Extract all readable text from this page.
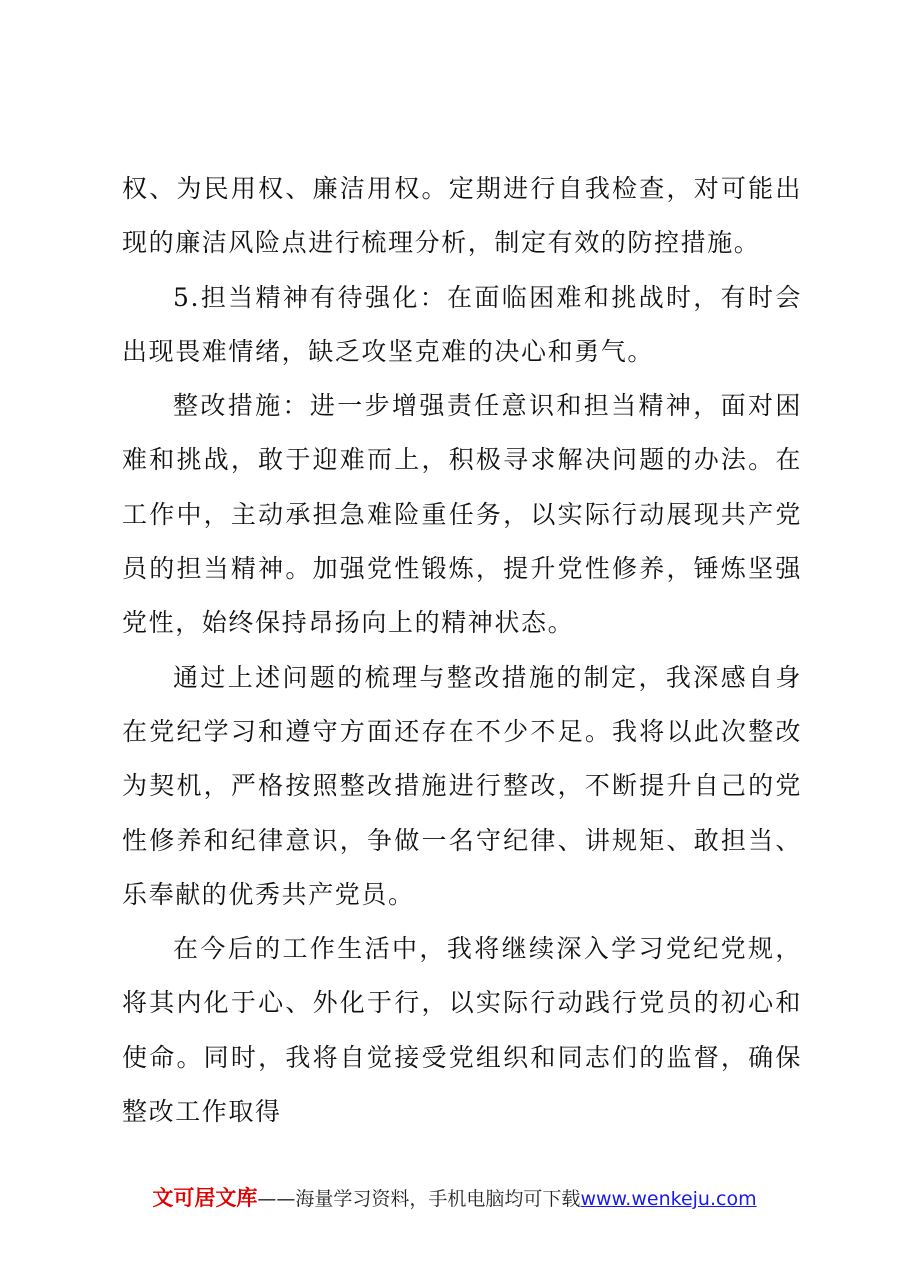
权、为民用权、廉洁用权。定期进行自我检查，对可能出现的廉洁风险点进行梳理分析，制定有效的防控措施。

5.担当精神有待强化：在面临困难和挑战时，有时会出现畏难情绪，缺乏攻坚克难的决心和勇气。

整改措施：进一步增强责任意识和担当精神，面对困难和挑战，敢于迎难而上，积极寻求解决问题的办法。在工作中，主动承担急难险重任务，以实际行动展现共产党员的担当精神。加强党性锻炼，提升党性修养，锤炼坚强党性，始终保持昂扬向上的精神状态。

通过上述问题的梳理与整改措施的制定，我深感自身在党纪学习和遵守方面还存在不少不足。我将以此次整改为契机，严格按照整改措施进行整改，不断提升自己的党性修养和纪律意识，争做一名守纪律、讲规矩、敢担当、乐奉献的优秀共产党员。

在今后的工作生活中，我将继续深入学习党纪党规，将其内化于心、外化于行，以实际行动践行党员的初心和使命。同时，我将自觉接受党组织和同志们的监督，确保整改工作取得

文可居文库——海量学习资料，手机电脑均可下载www.wenkeju.com
